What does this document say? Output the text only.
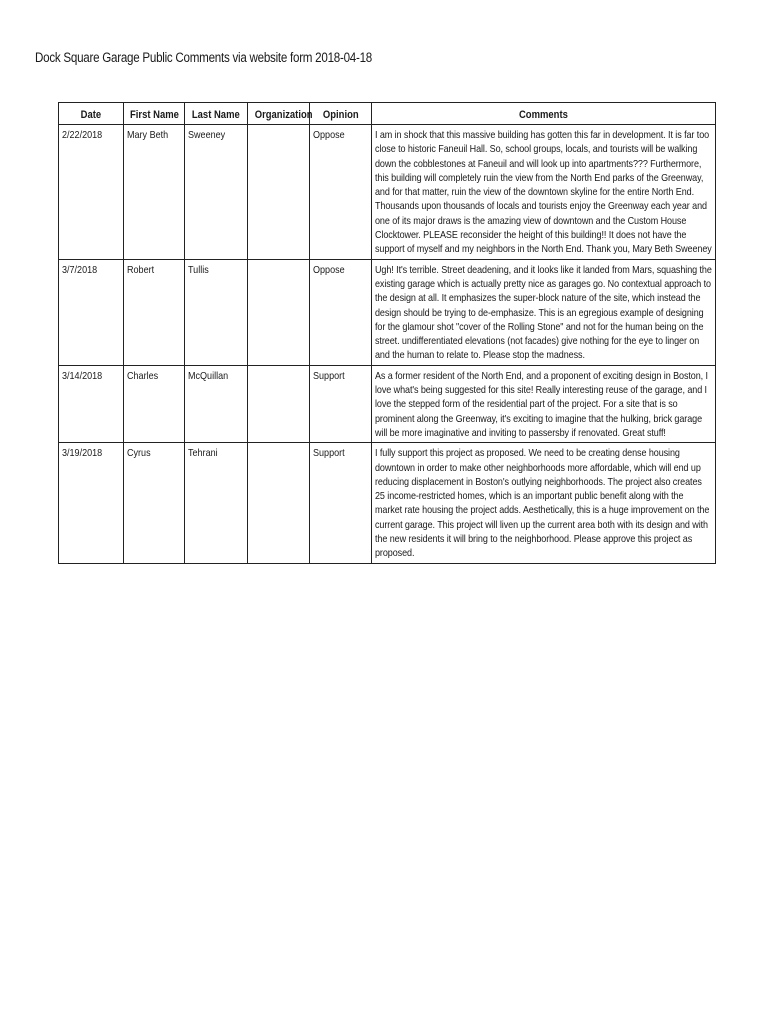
Dock Square Garage Public Comments via website form 2018-04-18
Date	First Name	Last Name	Organization	Opinion	Comments
2/22/2018	Mary Beth	Sweeney		Oppose	I am in shock that this massive building has gotten this far in development. It is far too close to historic Faneuil Hall. So, school groups, locals, and tourists will be walking down the cobblestones at Faneuil and will look up into apartments??? Furthermore, this building will completely ruin the view from the North End parks of the Greenway, and for that matter, ruin the view of the downtown skyline for the entire North End. Thousands upon thousands of locals and tourists enjoy the Greenway each year and one of its major draws is the amazing view of downtown and the Custom House Clocktower. PLEASE reconsider the height of this building!! It does not have the support of myself and my neighbors in the North End. Thank you, Mary Beth Sweeney

3/7/2018	Robert	Tullis		Oppose	Ugh! It's terrible. Street deadening, and it looks like it landed from Mars, squashing the existing garage which is actually pretty nice as garages go. No contextual approach to the design at all. It emphasizes the super-block nature of the site, which instead the design should be trying to de-emphasize. This is an egregious example of designing for the glamour shot "cover of the Rolling Stone" and not for the human being on the street. undifferentiated elevations (not facades) give nothing for the eye to linger on and the human to relate to. Please stop the madness.

3/14/2018	Charles	McQuillan		Support	As a former resident of the North End, and a proponent of exciting design in Boston, I love what's being suggested for this site! Really interesting reuse of the garage, and I love the stepped form of the residential part of the project. For a site that is so prominent along the Greenway, it's exciting to imagine that the hulking, brick garage will be more imaginative and inviting to passersby if renovated. Great stuff!

3/19/2018	Cyrus	Tehrani		Support	I fully support this project as proposed. We need to be creating dense housing downtown in order to make other neighborhoods more affordable, which will end up reducing displacement in Boston's outlying neighborhoods. The project also creates 25 income-restricted homes, which is an important public benefit along with the market rate housing the project adds. Aesthetically, this is a huge improvement on the current garage. This project will liven up the current area both with its design and with the new residents it will bring to the neighborhood. Please approve this project as proposed.
